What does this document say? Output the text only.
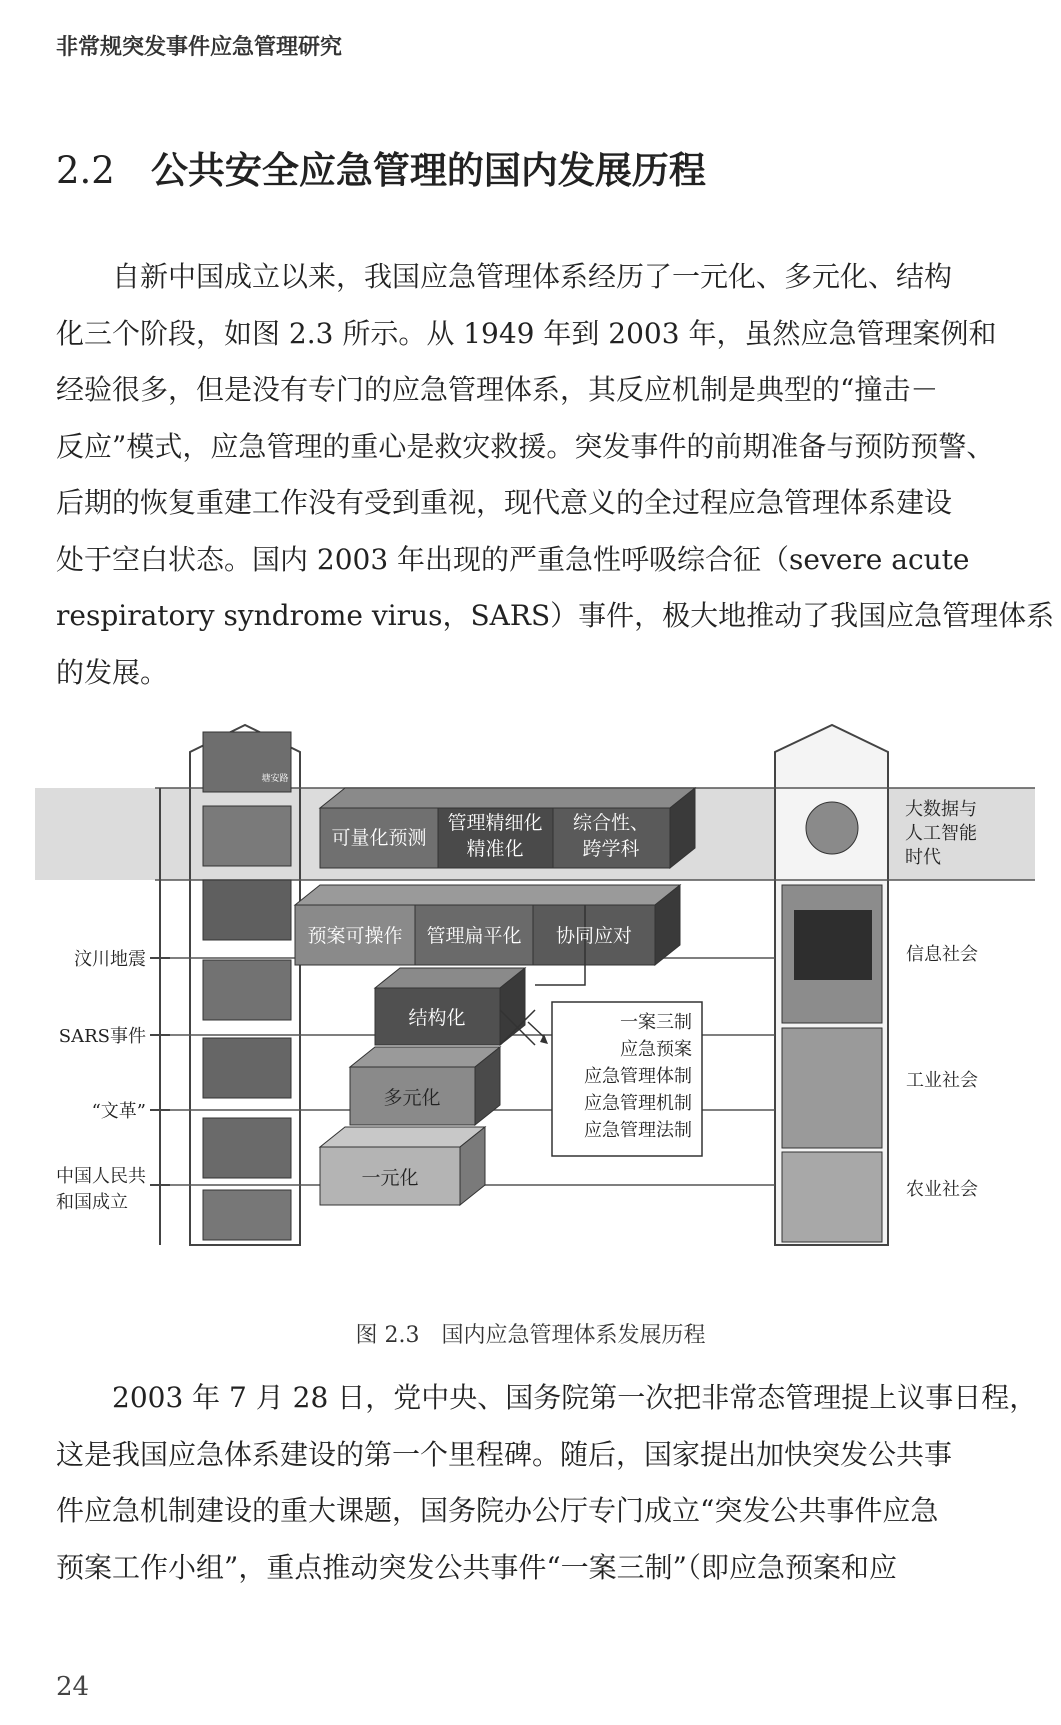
非常规突发事件应急管理研究
2.2 公共安全应急管理的国内发展历程

　　自新中国成立以来，我国应急管理体系经历了一元化、多元化、结构
化三个阶段，如图 2.3 所示。从 1949 年到 2003 年，虽然应急管理案例和
经验很多，但是没有专门的应急管理体系，其反应机制是典型的“撞击－
反应”模式，应急管理的重心是救灾救援。突发事件的前期准备与预防预警、
后期的恢复重建工作没有受到重视，现代意义的全过程应急管理体系建设
处于空白状态。国内 2003 年出现的严重急性呼吸综合征（severe acute
respiratory syndrome virus，SARS）事件，极大地推动了我国应急管理体系
的发展。

塘安路
可量化预测
管理精细化
精准化
综合性、
跨学科
预案可操作 管理扁平化 协同应对
结构化
多元化
一元化
一案三制
应急预案
应急管理体制
应急管理机制
应急管理法制
汶川地震
SARS事件
“文革”
中国人民共
和国成立
大数据与
人工智能
时代
信息社会
工业社会
农业社会
图 2.3　国内应急管理体系发展历程

　　2003 年 7 月 28 日，党中央、国务院第一次把非常态管理提上议事日程，
这是我国应急体系建设的第一个里程碑。随后，国家提出加快突发公共事
件应急机制建设的重大课题，国务院办公厅专门成立“突发公共事件应急
预案工作小组”，重点推动突发公共事件“一案三制”（即应急预案和应

24
